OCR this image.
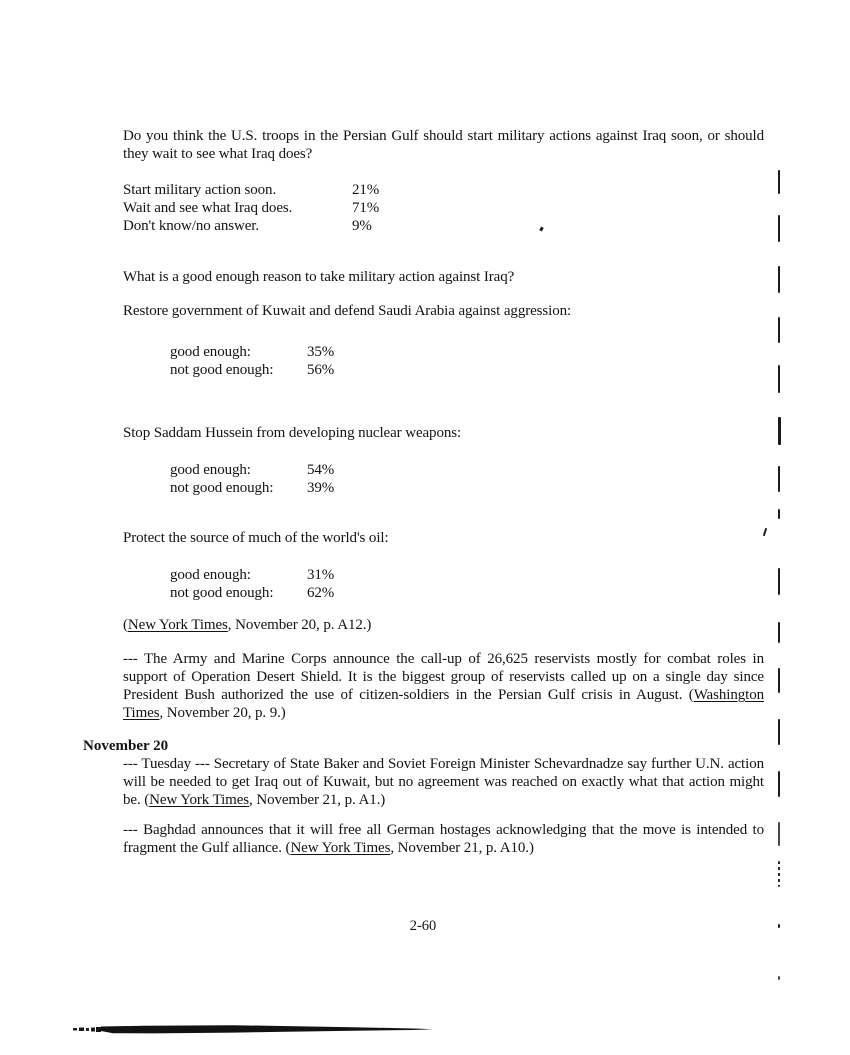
Do you think the U.S. troops in the Persian Gulf should start military actions against Iraq soon, or should they wait to see what Iraq does?

Start military action soon.	21%
Wait and see what Iraq does.	71%
Don't know/no answer.	9%

What is a good enough reason to take military action against Iraq?

Restore government of Kuwait and defend Saudi Arabia against aggression:

good enough:	35%
not good enough:	56%

Stop Saddam Hussein from developing nuclear weapons:

good enough:	54%
not good enough:	39%

Protect the source of much of the world's oil:

good enough:	31%
not good enough:	62%

(New York Times, November 20, p. A12.)

--- The Army and Marine Corps announce the call-up of 26,625 reservists mostly for combat roles in support of Operation Desert Shield. It is the biggest group of reservists called up on a single day since President Bush authorized the use of citizen-soldiers in the Persian Gulf crisis in August. (Washington Times, November 20, p. 9.)

November 20

--- Tuesday --- Secretary of State Baker and Soviet Foreign Minister Schevardnadze say further U.N. action will be needed to get Iraq out of Kuwait, but no agreement was reached on exactly what that action might be. (New York Times, November 21, p. A1.)

--- Baghdad announces that it will free all German hostages acknowledging that the move is intended to fragment the Gulf alliance. (New York Times, November 21, p. A10.)

2-60
